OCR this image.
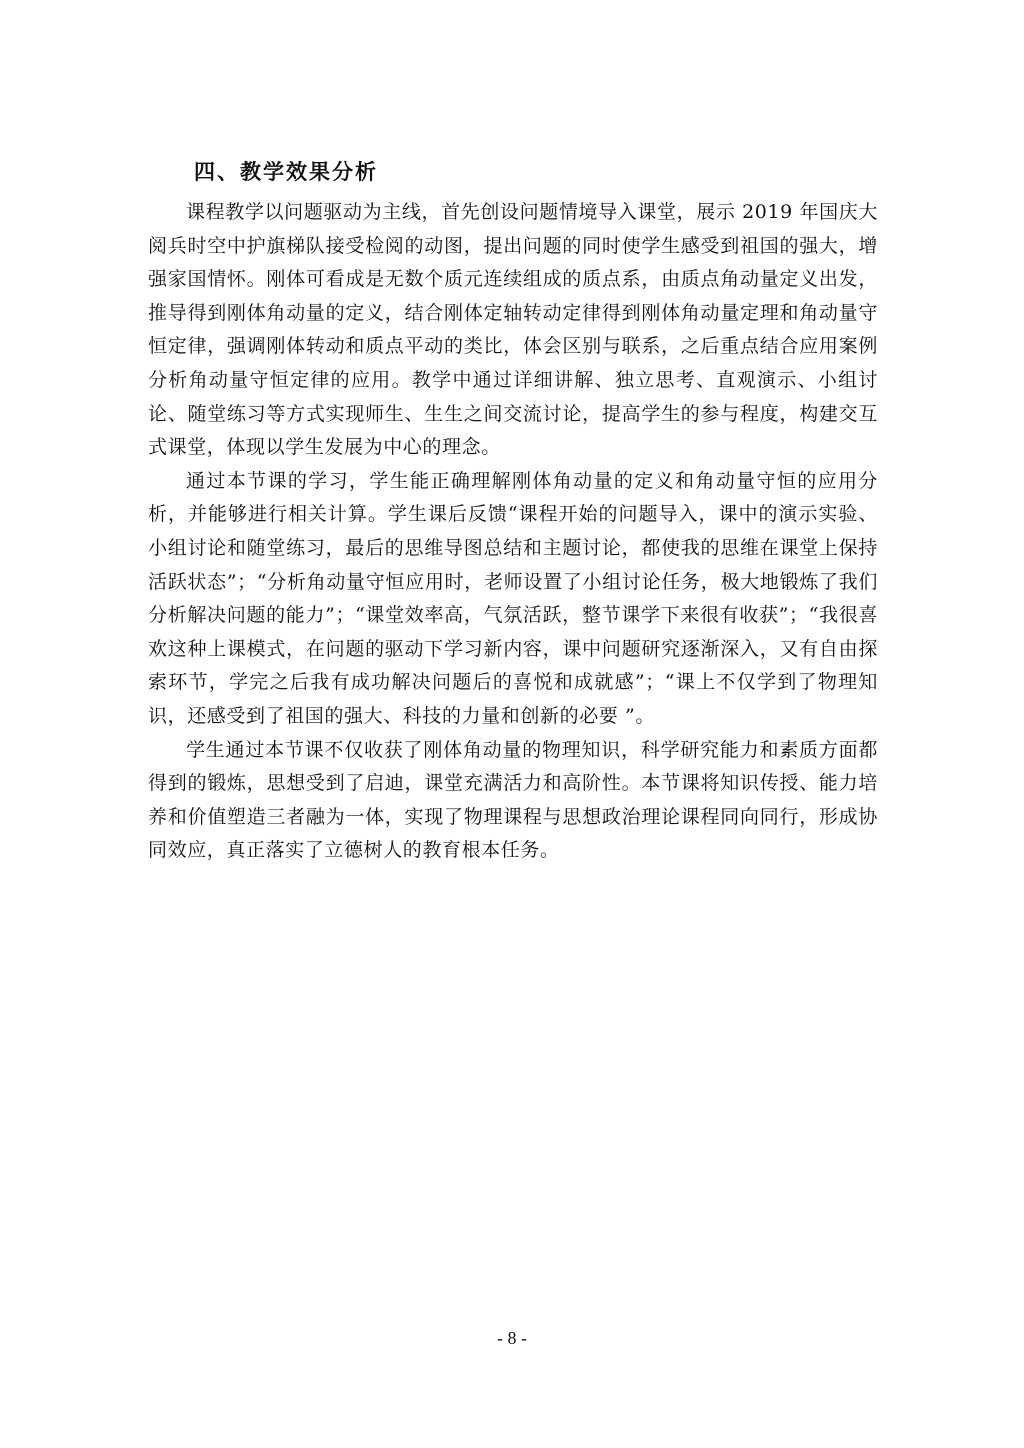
四、教学效果分析

课程教学以问题驱动为主线，首先创设问题情境导入课堂，展示 2019 年国庆大阅兵时空中护旗梯队接受检阅的动图，提出问题的同时使学生感受到祖国的强大，增强家国情怀。刚体可看成是无数个质元连续组成的质点系，由质点角动量定义出发，推导得到刚体角动量的定义，结合刚体定轴转动定律得到刚体角动量定理和角动量守恒定律，强调刚体转动和质点平动的类比，体会区别与联系，之后重点结合应用案例分析角动量守恒定律的应用。教学中通过详细讲解、独立思考、直观演示、小组讨论、随堂练习等方式实现师生、生生之间交流讨论，提高学生的参与程度，构建交互式课堂，体现以学生发展为中心的理念。

通过本节课的学习，学生能正确理解刚体角动量的定义和角动量守恒的应用分析，并能够进行相关计算。学生课后反馈“课程开始的问题导入，课中的演示实验、小组讨论和随堂练习，最后的思维导图总结和主题讨论，都使我的思维在课堂上保持活跃状态”；“分析角动量守恒应用时，老师设置了小组讨论任务，极大地锻炼了我们分析解决问题的能力”；“课堂效率高，气氛活跃，整节课学下来很有收获”；“我很喜欢这种上课模式，在问题的驱动下学习新内容，课中问题研究逐渐深入，又有自由探索环节，学完之后我有成功解决问题后的喜悦和成就感”；“课上不仅学到了物理知识，还感受到了祖国的强大、科技的力量和创新的必要 ”。

学生通过本节课不仅收获了刚体角动量的物理知识，科学研究能力和素质方面都得到的锻炼，思想受到了启迪，课堂充满活力和高阶性。本节课将知识传授、能力培养和价值塑造三者融为一体，实现了物理课程与思想政治理论课程同向同行，形成协同效应，真正落实了立德树人的教育根本任务。

- 8 -
